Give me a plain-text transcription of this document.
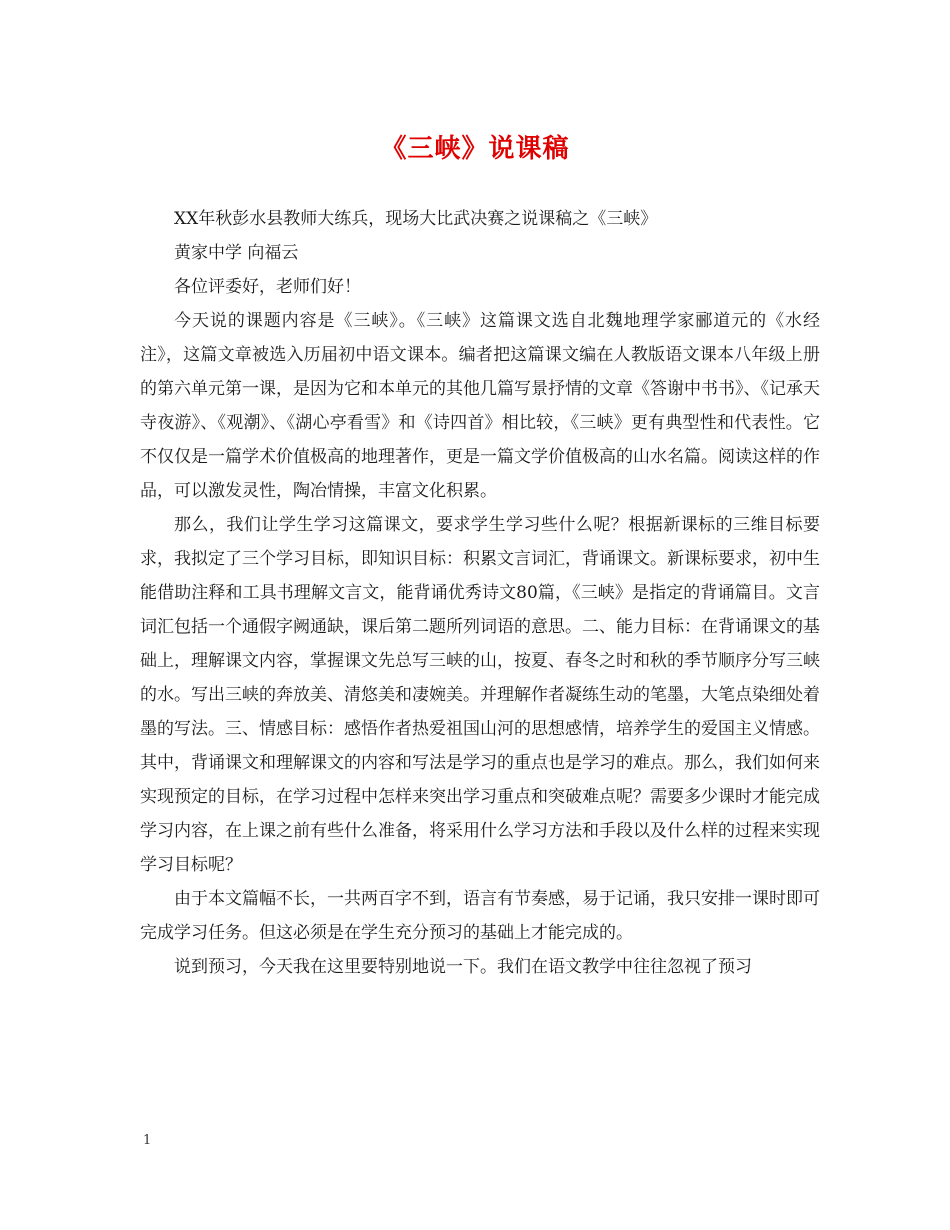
《三峡》说课稿

XX年秋彭水县教师大练兵，现场大比武决赛之说课稿之《三峡》

黄家中学 向福云

各位评委好，老师们好！

今天说的课题内容是《三峡》。《三峡》这篇课文选自北魏地理学家郦道元的《水经注》，这篇文章被选入历届初中语文课本。编者把这篇课文编在人教版语文课本八年级上册的第六单元第一课，是因为它和本单元的其他几篇写景抒情的文章《答谢中书书》、《记承天寺夜游》、《观潮》、《湖心亭看雪》和《诗四首》相比较，《三峡》更有典型性和代表性。它不仅仅是一篇学术价值极高的地理著作，更是一篇文学价值极高的山水名篇。阅读这样的作品，可以激发灵性，陶冶情操，丰富文化积累。

那么，我们让学生学习这篇课文，要求学生学习些什么呢？根据新课标的三维目标要求，我拟定了三个学习目标，即知识目标：积累文言词汇，背诵课文。新课标要求，初中生能借助注释和工具书理解文言文，能背诵优秀诗文80篇，《三峡》是指定的背诵篇目。文言词汇包括一个通假字阙通缺，课后第二题所列词语的意思。二、能力目标：在背诵课文的基础上，理解课文内容，掌握课文先总写三峡的山，按夏、春冬之时和秋的季节顺序分写三峡的水。写出三峡的奔放美、清悠美和凄婉美。并理解作者凝练生动的笔墨，大笔点染细处着墨的写法。三、情感目标：感悟作者热爱祖国山河的思想感情，培养学生的爱国主义情感。其中，背诵课文和理解课文的内容和写法是学习的重点也是学习的难点。那么，我们如何来实现预定的目标，在学习过程中怎样来突出学习重点和突破难点呢？需要多少课时才能完成学习内容，在上课之前有些什么准备，将采用什么学习方法和手段以及什么样的过程来实现学习目标呢？

由于本文篇幅不长，一共两百字不到，语言有节奏感，易于记诵，我只安排一课时即可完成学习任务。但这必须是在学生充分预习的基础上才能完成的。

说到预习，今天我在这里要特别地说一下。我们在语文教学中往往忽视了预习

1
